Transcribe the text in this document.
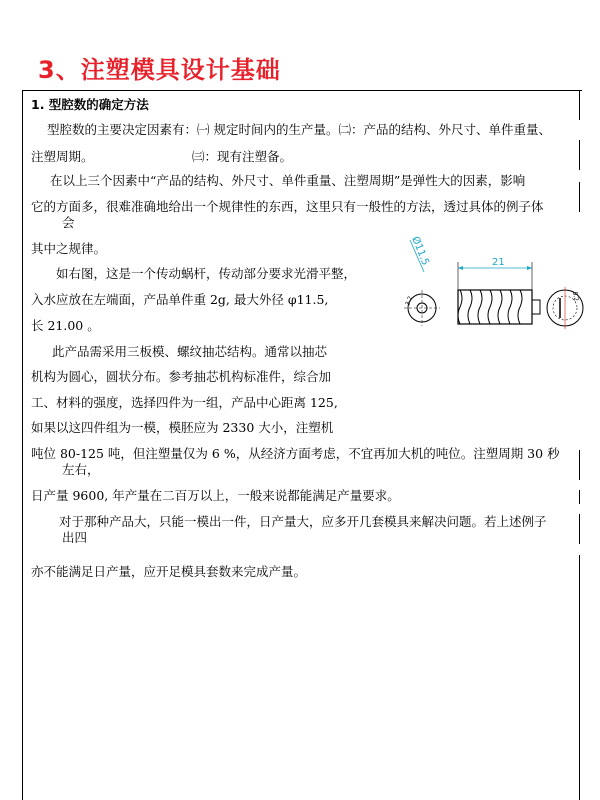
3、注塑模具设计基础
1. 型腔数的确定方法
型腔数的主要决定因素有：㈠ 规定时间内的生产量。㈡：产品的结构、外尺寸、单件重量、
注塑周期。	㈢：现有注塑备。
在以上三个因素中“产品的结构、外尺寸、单件重量、注塑周期”是弹性大的因素，影响
它的方面多，很难准确地给出一个规律性的东西，这里只有一般性的方法，透过具体的例子体
会
其中之规律。
如右图，这是一个传动蜗杆，传动部分要求光滑平整，
入水应放在左端面，产品单件重 2g, 最大外径 φ11.5,
长 21.00 。
此产品需采用三板模、螺纹抽芯结构。通常以抽芯
机构为圆心，圆状分布。参考抽芯机构标准件，综合加
工、材料的强度，选择四件为一组，产品中心距离 125,
如果以这四件组为一模，模胚应为 2330 大小，注塑机
吨位 80-125 吨，但注塑量仅为 6 %，从经济方面考虑，不宜再加大机的吨位。注塑周期 30 秒
左右，
日产量 9600, 年产量在二百万以上，一般来说都能满足产量要求。
对于那种产品大，只能一模出一件，日产量大，应多开几套模具来解决问题。若上述例子
出四
亦不能满足日产量，应开足模具套数来完成产量。
Ø11.5	21
3.2	5.2
